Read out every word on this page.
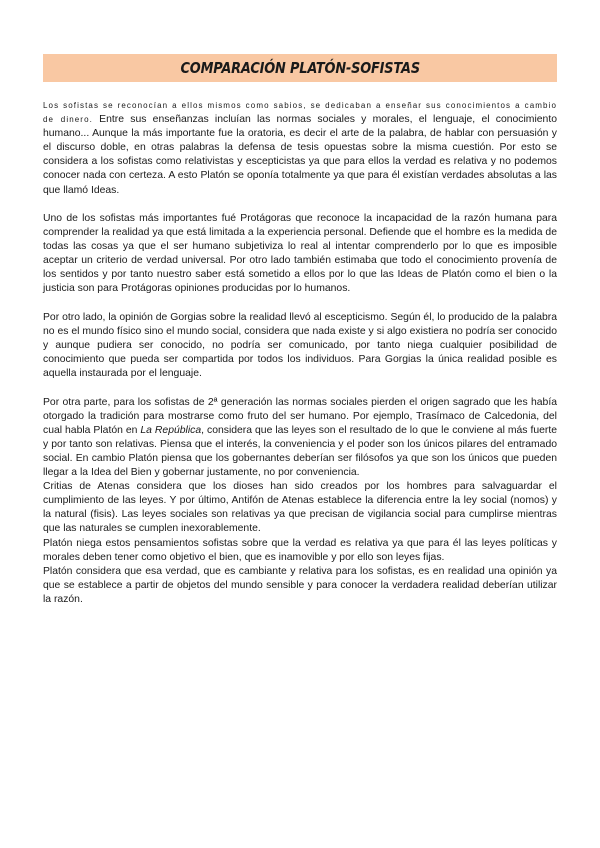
COMPARACIÓN PLATÓN-SOFISTAS

Los sofistas se reconocían a ellos mismos como sabios, se dedicaban a enseñar sus conocimientos a cambio de dinero. Entre sus enseñanzas incluían las normas sociales y morales, el lenguaje, el conocimiento humano... Aunque la más importante fue la oratoria, es decir el arte de la palabra, de hablar con persuasión y el discurso doble, en otras palabras la defensa de tesis opuestas sobre la misma cuestión. Por esto se considera a los sofistas como relativistas y escepticistas ya que para ellos la verdad es relativa y no podemos conocer nada con certeza. A esto Platón se oponía totalmente ya que para él existían verdades absolutas a las que llamó Ideas.

Uno de los sofistas más importantes fué Protágoras que reconoce la incapacidad de la razón humana para comprender la realidad ya que está limitada a la experiencia personal. Defiende que el hombre es la medida de todas las cosas ya que el ser humano subjetiviza lo real al intentar comprenderlo por lo que es imposible aceptar un criterio de verdad universal. Por otro lado también estimaba que todo el conocimiento provenía de los sentidos y por tanto nuestro saber está sometido a ellos por lo que las Ideas de Platón como el bien o la justicia son para Protágoras opiniones producidas por lo humanos.

Por otro lado, la opinión de Gorgias sobre la realidad llevó al escepticismo. Según él, lo producido de la palabra no es el mundo físico sino el mundo social, considera que nada existe y si algo existiera no podría ser conocido y aunque pudiera ser conocido, no podría ser comunicado, por tanto niega cualquier posibilidad de conocimiento que pueda ser compartida por todos los individuos. Para Gorgias la única realidad posible es aquella instaurada por el lenguaje.

Por otra parte, para los sofistas de 2ª generación las normas sociales pierden el origen sagrado que les había otorgado la tradición para mostrarse como fruto del ser humano. Por ejemplo, Trasímaco de Calcedonia, del cual habla Platón en La República, considera que las leyes son el resultado de lo que le conviene al más fuerte y por tanto son relativas. Piensa que el interés, la conveniencia y el poder son los únicos pilares del entramado social. En cambio Platón piensa que los gobernantes deberían ser filósofos ya que son los únicos que pueden llegar a la Idea del Bien y gobernar justamente, no por conveniencia.

Critias de Atenas considera que los dioses han sido creados por los hombres para salvaguardar el cumplimiento de las leyes. Y por último, Antifón de Atenas establece la diferencia entre la ley social (nomos) y la natural (fisis). Las leyes sociales son relativas ya que precisan de vigilancia social para cumplirse mientras que las naturales se cumplen inexorablemente.

Platón niega estos pensamientos sofistas sobre que la verdad es relativa ya que para él las leyes políticas y morales deben tener como objetivo el bien, que es inamovible y por ello son leyes fijas.

Platón considera que esa verdad, que es cambiante y relativa para los sofistas, es en realidad una opinión ya que se establece a partir de objetos del mundo sensible y para conocer la verdadera realidad deberían utilizar la razón.
